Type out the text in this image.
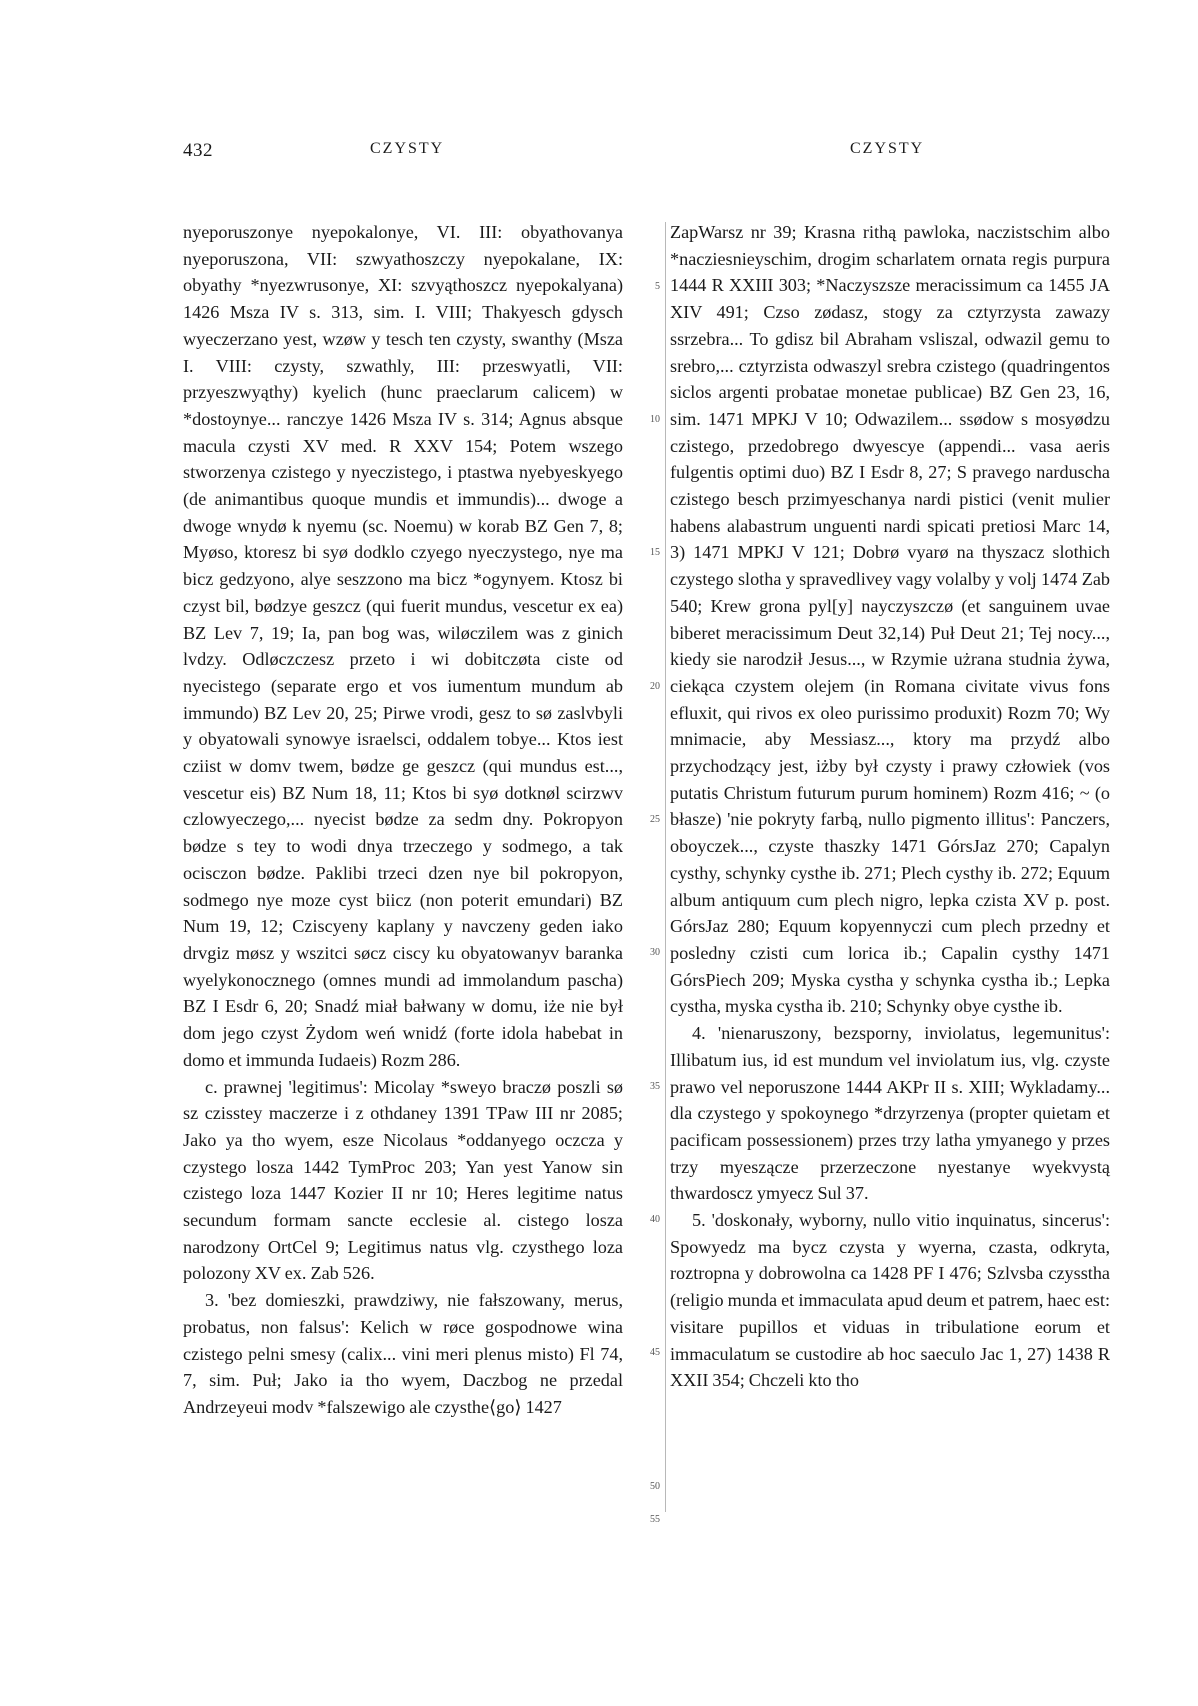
432	CZYSTY	CZYSTY

nyeporuszonye nyepokalonye, VI. III: obyathovanya nyeporuszona, VII: szwyathoszczy nyepokalane, IX: obyathy *nyezwrusonye, XI: szvyąthoszcz nyepokalyana) 1426 Msza IV s. 313, sim. I. VIII; Thakyesch gdysch wyeczerzano yest, wzøw y tesch ten czysty, swanthy (Msza I. VIII: czysty, szwathly, III: przeswyatli, VII: przyeszwyąthy) kyelich (hunc praeclarum calicem) w *dostoynye... ranczye 1426 Msza IV s. 314; Agnus absque macula czysti XV med. R XXV 154; Potem wszego stworzenya czistego y nyeczistego, i ptastwa nyebyeskyego (de animantibus quoque mundis et immundis)... dwoge a dwoge wnydø k nyemu (sc. Noemu) w korab BZ Gen 7, 8; Myøso, ktoresz bi syø dodklo czyego nyeczystego, nye ma bicz gedzyono, alye seszzono ma bicz *ogynyem. Ktosz bi czyst bil, bødzye geszcz (qui fuerit mundus, vescetur ex ea) BZ Lev 7, 19; Ia, pan bog was, wiløczilem was z ginich lvdzy. Odløczczesz przeto i wi dobitczøta ciste od nyecistego (separate ergo et vos iumentum mundum ab immundo) BZ Lev 20, 25; Pirwe vrodi, gesz to sø zaslvbyli y obyatowali synowye israelsci, oddalem tobye... Ktos iest cziist w domv twem, bødze ge geszcz (qui mundus est..., vescetur eis) BZ Num 18, 11; Ktos bi syø dotknøl scirzwv czlowyeczego,... nyecist bødze za sedm dny. Pokropyon bødze s tey to wodi dnya trzeczego y sodmego, a tak ocisczon bødze. Paklibi trzeci dzen nye bil pokropyon, sodmego nye moze cyst biicz (non poterit emundari) BZ Num 19, 12; Cziscyeny kaplany y navczeny geden iako drvgiz møsz y wszitci søcz ciscy ku obyatowanyv baranka wyelykonocznego (omnes mundi ad immolandum pascha) BZ I Esdr 6, 20; Snadź miał bałwany w domu, iże nie był dom jego czyst Żydom weń wnidź (forte idola habebat in domo et immunda Iudaeis) Rozm 286.

c. prawnej 'legitimus': Micolay *sweyo braczø poszli sø sz czisstey maczerze i z othdaney 1391 TPaw III nr 2085; Jako ya tho wyem, esze Nicolaus *oddanyego oczcza y czystego losza 1442 TymProc 203; Yan yest Yanow sin czistego loza 1447 Kozier II nr 10; Heres legitime natus secundum formam sancte ecclesie al. cistego losza narodzony OrtCel 9; Legitimus natus vlg. czysthego loza polozony XV ex. Zab 526.

3. 'bez domieszki, prawdziwy, nie fałszowany, merus, probatus, non falsus': Kelich w røce gospodnowe wina czistego pelni smesy (calix... vini meri plenus misto) Fl 74, 7, sim. Puł; Jako ia tho wyem, Daczbog ne przedal Andrzeyeui modv *falszewigo ale czysthe⟨go⟩ 1427

5
10
15
20
25
30
35
40
45
50
55

ZapWarsz nr 39; Krasna rithą pawloka, naczistschim albo *nacziesnieyschim, drogim scharlatem ornata regis purpura 1444 R XXIII 303; *Naczyszsze meracissimum ca 1455 JA XIV 491; Czso zødasz, stogy za cztyrzysta zawazy ssrzebra... To gdisz bil Abraham vsliszal, odwazil gemu to srebro,... cztyrzista odwaszyl srebra czistego (quadringentos siclos argenti probatae monetae publicae) BZ Gen 23, 16, sim. 1471 MPKJ V 10; Odwazilem... ssødow s mosyødzu czistego, przedobrego dwyescye (appendi... vasa aeris fulgentis optimi duo) BZ I Esdr 8, 27; S pravego narduscha czistego besch przimyeschanya nardi pistici (venit mulier habens alabastrum unguenti nardi spicati pretiosi Marc 14, 3) 1471 MPKJ V 121; Dobrø vyarø na thyszacz slothich czystego slotha y spravedlivey vagy volalby y volj 1474 Zab 540; Krew grona pyl[y] nayczyszczø (et sanguinem uvae biberet meracissimum Deut 32,14) Puł Deut 21; Tej nocy..., kiedy sie narodził Jesus..., w Rzymie użrana studnia żywa, ciekąca czystem olejem (in Romana civitate vivus fons efluxit, qui rivos ex oleo purissimo produxit) Rozm 70; Wy mnimacie, aby Messiasz..., ktory ma przydź albo przychodzący jest, iżby był czysty i prawy człowiek (vos putatis Christum futurum purum hominem) Rozm 416; ~ (o błasze) 'nie pokryty farbą, nullo pigmento illitus': Panczers, oboyczek..., czyste thaszky 1471 GórsJaz 270; Capalyn cysthy, schynky cysthe ib. 271; Plech cysthy ib. 272; Equum album antiquum cum plech nigro, lepka czista XV p. post. GórsJaz 280; Equum kopyennyczi cum plech przedny et posledny czisti cum lorica ib.; Capalin cysthy 1471 GórsPiech 209; Myska cystha y schynka cystha ib.; Lepka cystha, myska cystha ib. 210; Schynky obye cysthe ib.

4. 'nienaruszony, bezsporny, inviolatus, legemunitus': Illibatum ius, id est mundum vel inviolatum ius, vlg. czyste prawo vel neporuszone 1444 AKPr II s. XIII; Wykladamy... dla czystego y spokoynego *drzyrzenya (propter quietam et pacificam possessionem) przes trzy latha ymyanego y przes trzy myeszącze przerzeczone nyestanye wyekvystą thwardoscz ymyecz Sul 37.

5. 'doskonały, wyborny, nullo vitio inquinatus, sincerus': Spowyedz ma bycz czysta y wyerna, czasta, odkryta, roztropna y dobrowolna ca 1428 PF I 476; Szlvsba czysstha (religio munda et immaculata apud deum et patrem, haec est: visitare pupillos et viduas in tribulatione eorum et immaculatum se custodire ab hoc saeculo Jac 1, 27) 1438 R XXII 354; Chczeli kto tho
